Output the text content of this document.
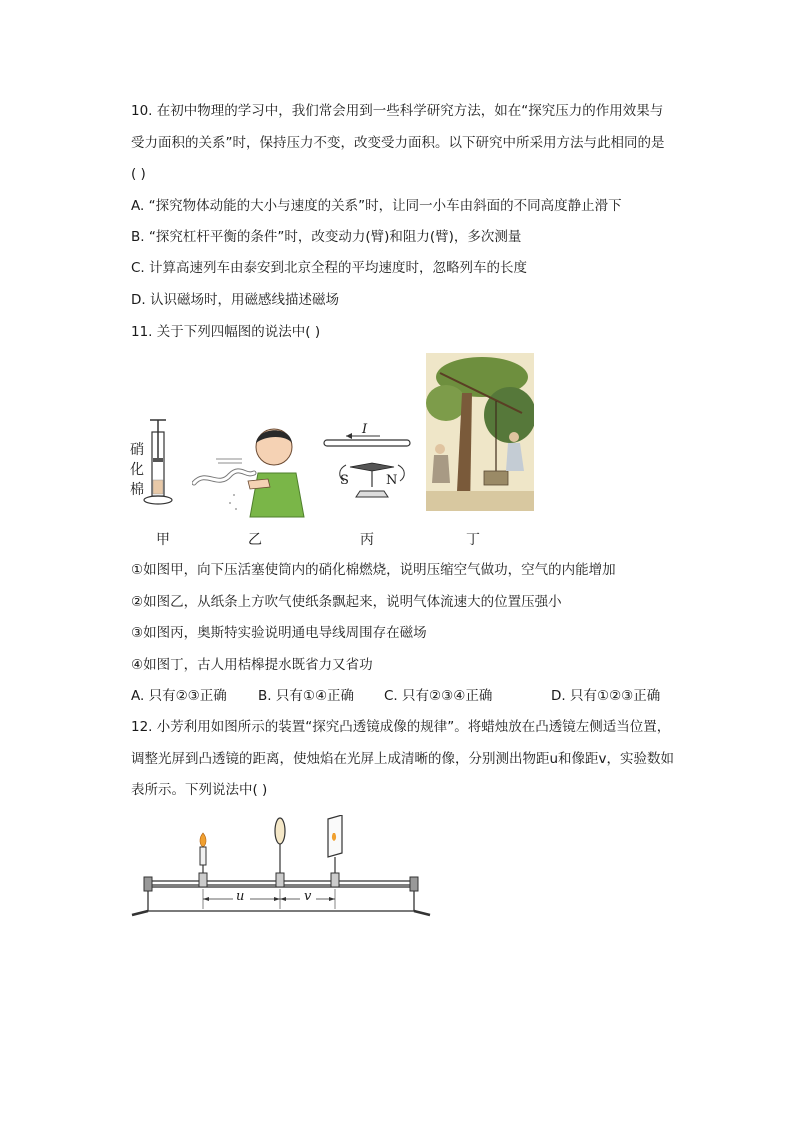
10. 在初中物理的学习中，我们常会用到一些科学研究方法，如在“探究压力的作用效果与
受力面积的关系”时，保持压力不变，改变受力面积。以下研究中所采用方法与此相同的是
( )
A. “探究物体动能的大小与速度的关系”时，让同一小车由斜面的不同高度静止滑下
B. “探究杠杆平衡的条件”时，改变动力(臂)和阻力(臂)，多次测量
C. 计算高速列车由泰安到北京全程的平均速度时，忽略列车的长度
D. 认识磁场时，用磁感线描述磁场
11. 关于下列四幅图的说法中( )
硝
化
棉
I
S	N
甲	乙	丙	丁
①如图甲，向下压活塞使筒内的硝化棉燃烧，说明压缩空气做功，空气的内能增加
②如图乙，从纸条上方吹气使纸条飘起来，说明气体流速大的位置压强小
③如图丙，奥斯特实验说明通电导线周围存在磁场
④如图丁，古人用桔槔提水既省力又省功
A. 只有②③正确 B. 只有①④正确 C. 只有②③④正确	D. 只有①②③正确
12. 小芳利用如图所示的装置“探究凸透镜成像的规律”。将蜡烛放在凸透镜左侧适当位置，
调整光屏到凸透镜的距离，使烛焰在光屏上成清晰的像，分别测出物距u和像距v，实验数如
表所示。下列说法中( )
u	v
